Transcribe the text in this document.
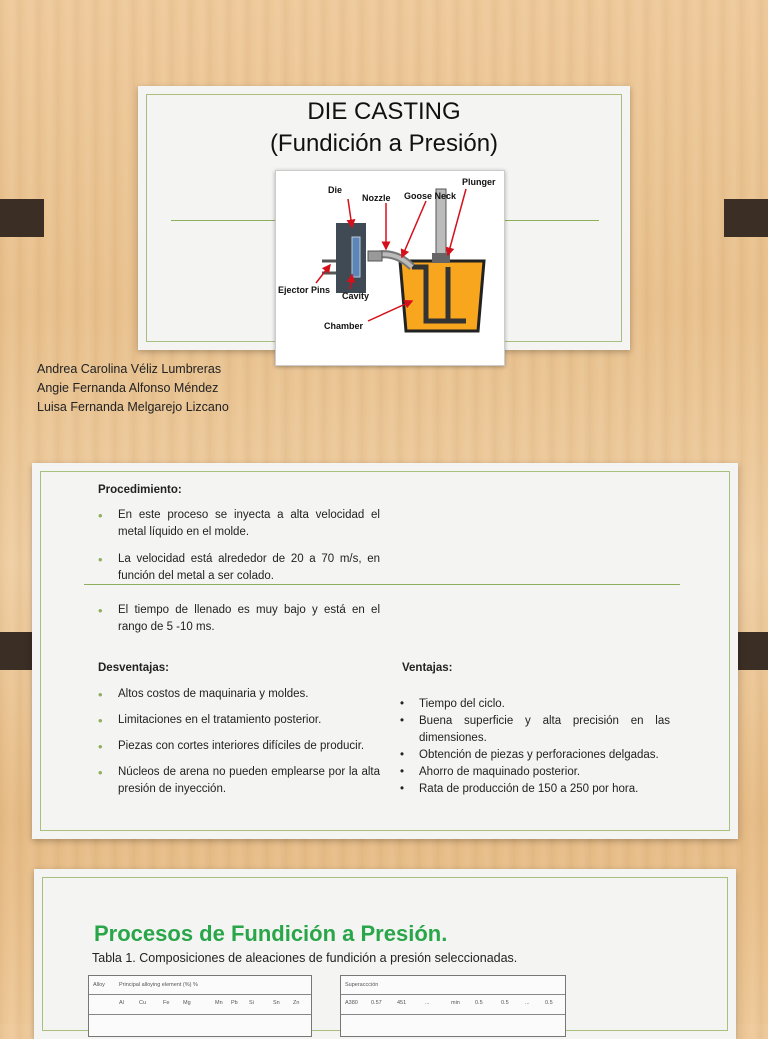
DIE CASTING
(Fundición a Presión)
Die
Nozzle Goose Neck
Plunger
Ejector Pins
Cavity
Chamber
Andrea Carolina Véliz Lumbreras
Angie Fernanda Alfonso Méndez
Luisa Fernanda Melgarejo Lizcano
Procedimiento:
• En este proceso se inyecta a alta velocidad el metal líquido en el molde.
• La velocidad está alrededor de 20 a 70 m/s, en función del metal a ser colado.
• El tiempo de llenado es muy bajo y está en el rango de 5 -10 ms.
Desventajas:
• Altos costos de maquinaria y moldes.
• Limitaciones en el tratamiento posterior.
• Piezas con cortes interiores difíciles de producir.
• Núcleos de arena no pueden emplearse por la alta presión de inyección.
Ventajas:
• Tiempo del ciclo.
• Buena superficie y alta precisión en las dimensiones.
• Obtención de piezas y perforaciones delgadas.
• Ahorro de maquinado posterior.
• Rata de producción de 150 a 250 por hora.
Procesos de Fundición a Presión.
Tabla 1. Composiciones de aleaciones de fundición a presión seleccionadas.
Alloy	Principal alloying element (%) %
Al	Cu	Fe Mg	Mn Pb Si	Sn Zn
Superaccción
A380 0.57	451	...	min	0.5	0.5	...	0.5
